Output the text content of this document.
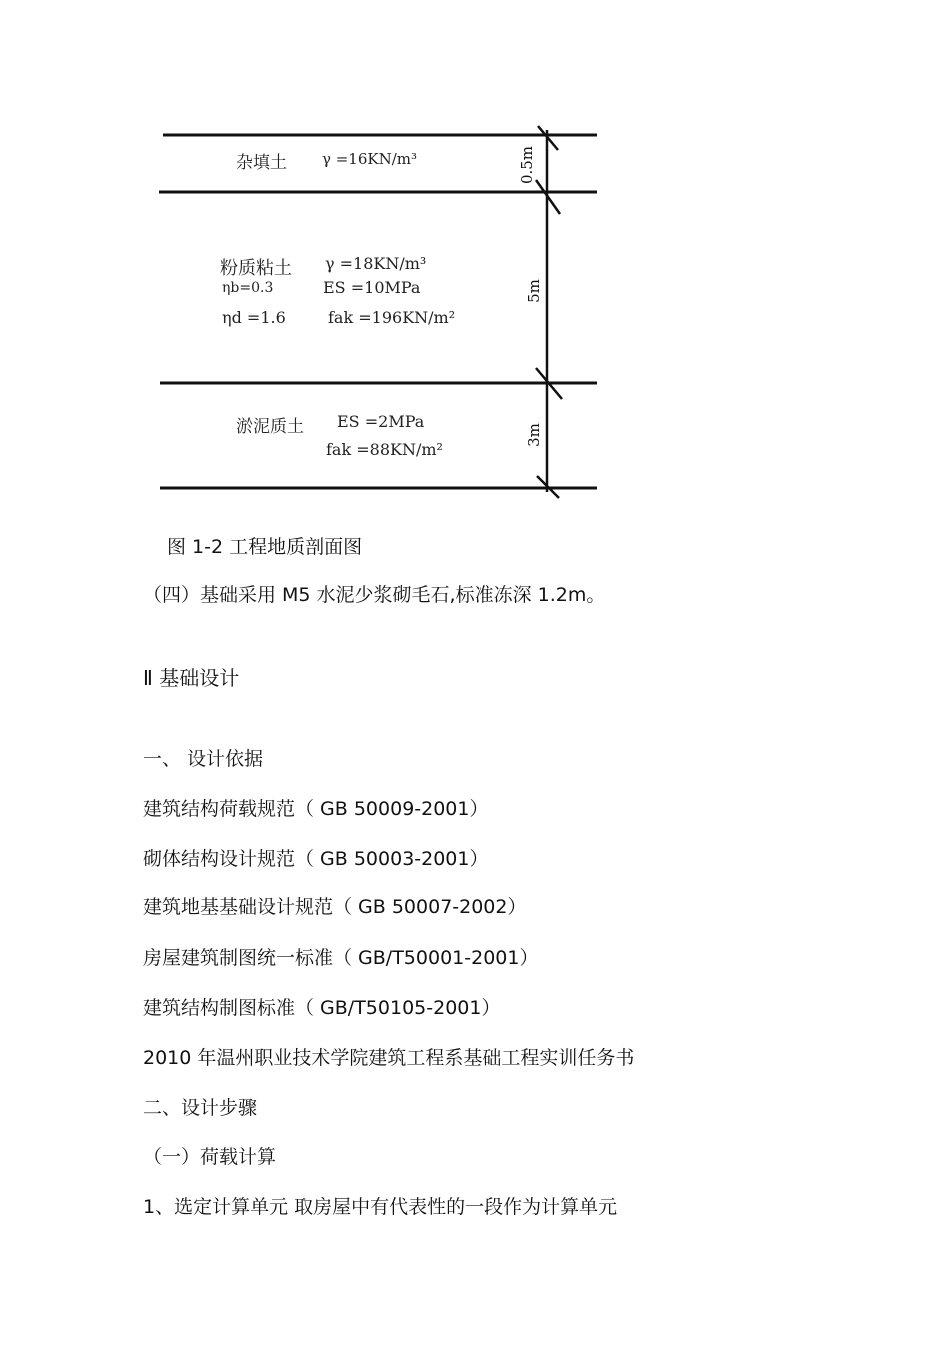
杂填土 γ =16KN/m³	0.5m
粉质粘土 γ =18KN/m³
ηb=0.3	ES =10MPa
ηd =1.6	fak =196KN/m²
5m
淤泥质土 ES =2MPa
fak =88KN/m²
3m
图 1-2 工程地质剖面图
（四）基础采用 M5 水泥少浆砌毛石,标准冻深 1.2m。
Ⅱ 基础设计
一、 设计依据
建筑结构荷载规范（ GB 50009-2001）
砌体结构设计规范（ GB 50003-2001）
建筑地基基础设计规范（ GB 50007-2002）
房屋建筑制图统一标准（ GB/T50001-2001）
建筑结构制图标准（ GB/T50105-2001）
2010 年温州职业技术学院建筑工程系基础工程实训任务书
二、设计步骤
（一）荷载计算
1、选定计算单元 取房屋中有代表性的一段作为计算单元
